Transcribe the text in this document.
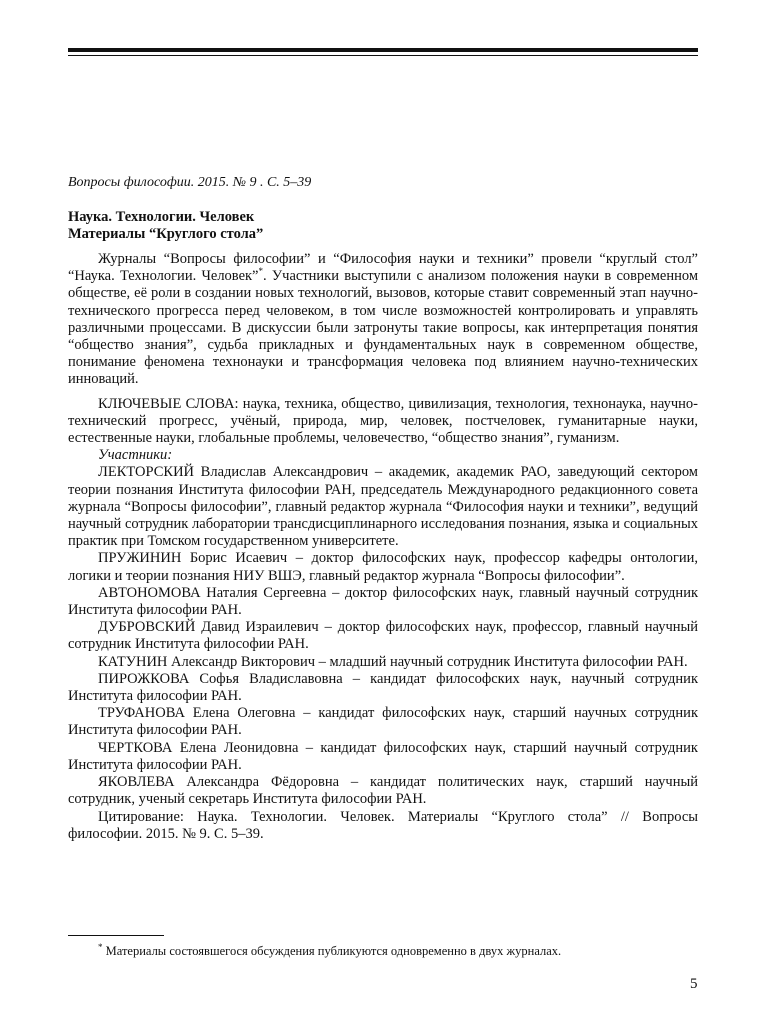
Вопросы философии. 2015. № 9 . С. 5–39
Наука. Технологии. Человек
Материалы “Круглого стола”

Журналы “Вопросы философии” и “Философия науки и техники” провели “круглый стол” “Наука. Технологии. Человек”*. Участники выступили с анализом положения науки в современном обществе, её роли в создании новых технологий, вызовов, которые ставит современный этап научно-технического прогресса перед человеком, в том числе возможностей контролировать и управлять различными процессами. В дискуссии были затронуты такие вопросы, как интерпретация понятия “общество знания”, судьба прикладных и фундаментальных наук в современном обществе, понимание феномена технонауки и трансформация человека под влиянием научно-технических инноваций.

КЛЮЧЕВЫЕ СЛОВА: наука, техника, общество, цивилизация, технология, технонаука, научно-технический прогресс, учёный, природа, мир, человек, постчеловек, гуманитарные науки, естественные науки, глобальные проблемы, человечество, “общество знания”, гуманизм.

Участники:

ЛЕКТОРСКИЙ Владислав Александрович – академик, академик РАО, заведующий сектором теории познания Института философии РАН, председатель Международного редакционного совета журнала “Вопросы философии”, главный редактор журнала “Философия науки и техники”, ведущий научный сотрудник лаборатории трансдисциплинарного исследования познания, языка и социальных практик при Томском государственном университете.

ПРУЖИНИН Борис Исаевич – доктор философских наук, профессор кафедры онтологии, логики и теории познания НИУ ВШЭ, главный редактор журнала “Вопросы философии”.

АВТОНОМОВА Наталия Сергеевна – доктор философских наук, главный научный сотрудник Института философии РАН.

ДУБРОВСКИЙ Давид Израилевич – доктор философских наук, профессор, главный научный сотрудник Института философии РАН.

КАТУНИН Александр Викторович – младший научный сотрудник Института философии РАН.

ПИРОЖКОВА Софья Владиславовна – кандидат философских наук, научный сотрудник Института философии РАН.

ТРУФАНОВА Елена Олеговна – кандидат философских наук, старший научных сотрудник Института философии РАН.

ЧЕРТКОВА Елена Леонидовна – кандидат философских наук, старший научный сотрудник Института философии РАН.

ЯКОВЛЕВА Александра Фёдоровна – кандидат политических наук, старший научный сотрудник, ученый секретарь Института философии РАН.

Цитирование: Наука. Технологии. Человек. Материалы “Круглого стола” // Вопросы философии. 2015. № 9. С. 5–39.

* Материалы состоявшегося обсуждения публикуются одновременно в двух журналах.
5
